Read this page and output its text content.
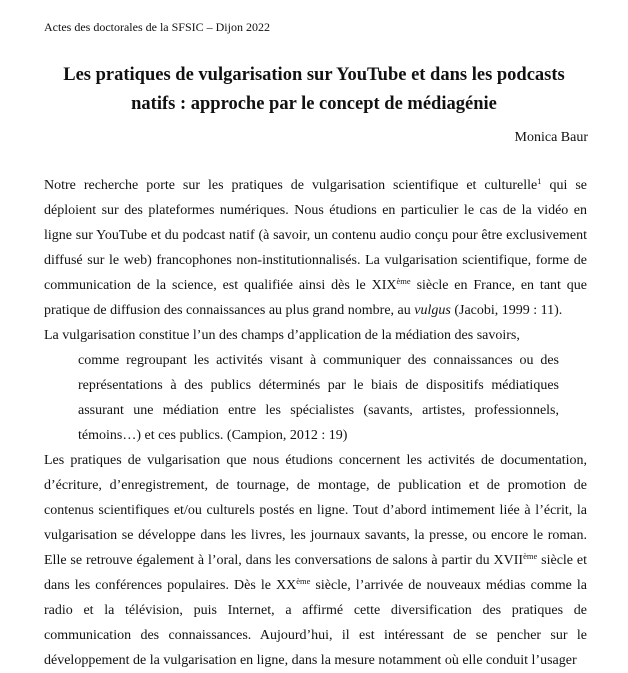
Actes des doctorales de la SFSIC – Dijon 2022
Les pratiques de vulgarisation sur YouTube et dans les podcasts
natifs : approche par le concept de médiagénie
Monica Baur

Notre recherche porte sur les pratiques de vulgarisation scientifique et culturelle$^1$ qui se déploient sur des plateformes numériques. Nous étudions en particulier le cas de la vidéo en ligne sur YouTube et du podcast natif (à savoir, un contenu audio conçu pour être exclusivement diffusé sur le web) francophones non-institutionnalisés. La vulgarisation scientifique, forme de communication de la science, est qualifiée ainsi dès le XIXème siècle en France, en tant que pratique de diffusion des connaissances au plus grand nombre, au vulgus (Jacobi, 1999 : 11).

La vulgarisation constitue l’un des champs d’application de la médiation des savoirs,

comme regroupant les activités visant à communiquer des connaissances ou des représentations à des publics déterminés par le biais de dispositifs médiatiques assurant une médiation entre les spécialistes (savants, artistes, professionnels, témoins…) et ces publics. (Campion, 2012 : 19)

Les pratiques de vulgarisation que nous étudions concernent les activités de documentation, d’écriture, d’enregistrement, de tournage, de montage, de publication et de promotion de contenus scientifiques et/ou culturels postés en ligne. Tout d’abord intimement liée à l’écrit, la vulgarisation se développe dans les livres, les journaux savants, la presse, ou encore le roman. Elle se retrouve également à l’oral, dans les conversations de salons à partir du XVIIème siècle et dans les conférences populaires. Dès le XXème siècle, l’arrivée de nouveaux médias comme la radio et la télévision, puis Internet, a affirmé cette diversification des pratiques de communication des connaissances. Aujourd’hui, il est intéressant de se pencher sur le développement de la vulgarisation en ligne, dans la mesure notamment où elle conduit l’usager
